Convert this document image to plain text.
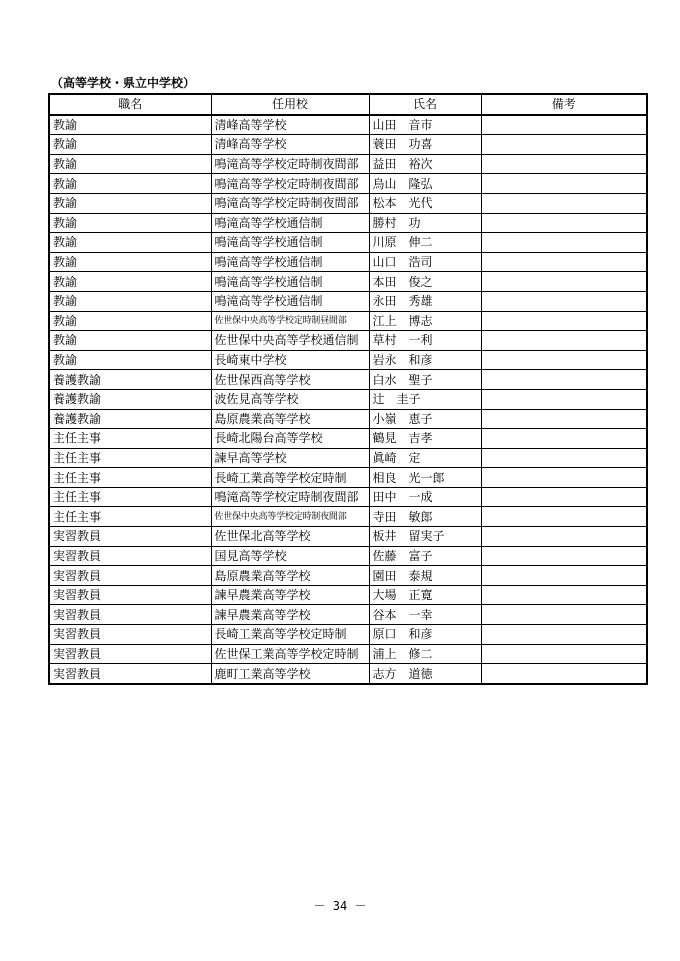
（高等学校・県立中学校）
職名	任用校	氏名	備考
教諭	清峰高等学校	山田　音市	
教諭	清峰高等学校	蓑田　功喜	
教諭	鳴滝高等学校定時制夜間部	益田　裕次	
教諭	鳴滝高等学校定時制夜間部	烏山　隆弘	
教諭	鳴滝高等学校定時制夜間部	松本　光代	
教諭	鳴滝高等学校通信制	勝村　功	
教諭	鳴滝高等学校通信制	川原　伸二	
教諭	鳴滝高等学校通信制	山口　浩司	
教諭	鳴滝高等学校通信制	本田　俊之	
教諭	鳴滝高等学校通信制	永田　秀雄	
教諭	佐世保中央高等学校定時制昼間部	江上　博志	
教諭	佐世保中央高等学校通信制	草村　一利	
教諭	長崎東中学校	岩永　和彦	
養護教諭	佐世保西高等学校	白水　聖子	
養護教諭	波佐見高等学校	辻　圭子	
養護教諭	島原農業高等学校	小嶺　恵子	
主任主事	長崎北陽台高等学校	鶴見　吉孝	
主任主事	諫早高等学校	眞崎　定	
主任主事	長崎工業高等学校定時制	相良　光一郎	
主任主事	鳴滝高等学校定時制夜間部	田中　一成	
主任主事	佐世保中央高等学校定時制夜間部	寺田　敏郎	
実習教員	佐世保北高等学校	板井　留実子	
実習教員	国見高等学校	佐藤　富子	
実習教員	島原農業高等学校	園田　泰規	
実習教員	諫早農業高等学校	大場　正寛	
実習教員	諫早農業高等学校	谷本　一幸	
実習教員	長崎工業高等学校定時制	原口　和彦	
実習教員	佐世保工業高等学校定時制	浦上　修二	
実習教員	鹿町工業高等学校	志方　道徳	
－ 34 －
